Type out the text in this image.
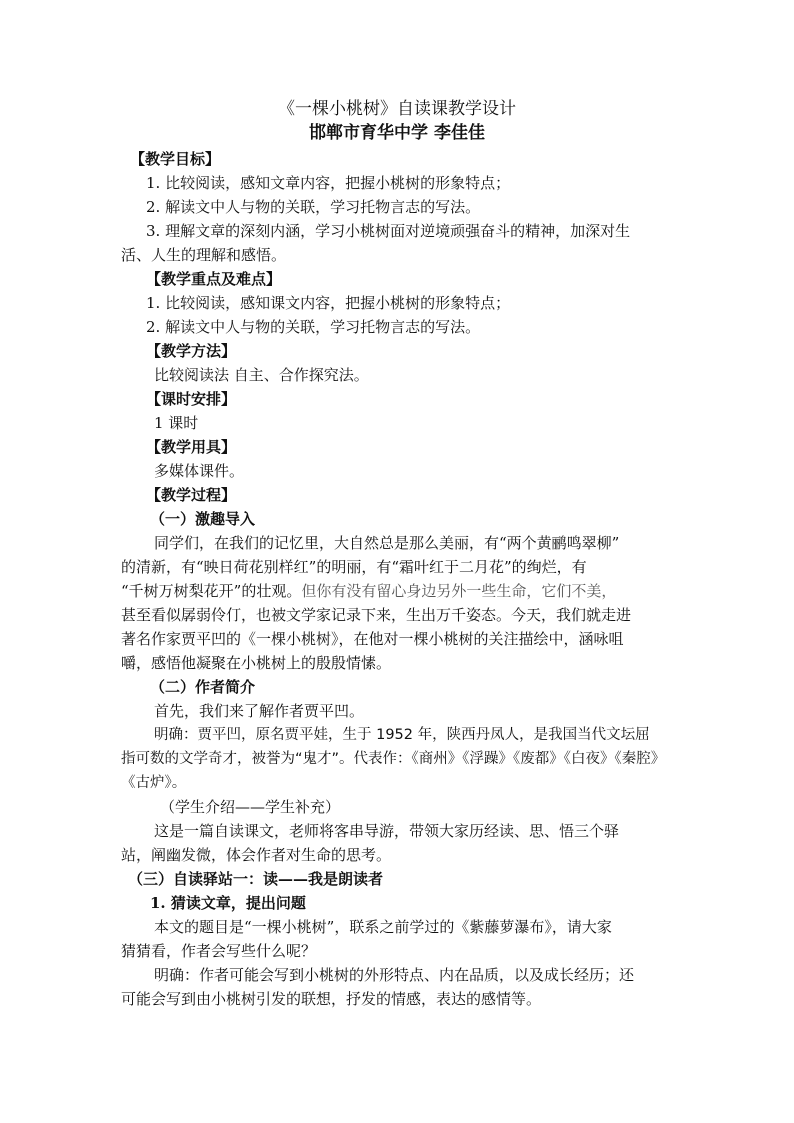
《一棵小桃树》自读课教学设计
邯郸市育华中学 李佳佳
【教学目标】
1. 比较阅读，感知文章内容，把握小桃树的形象特点；
2. 解读文中人与物的关联，学习托物言志的写法。
3. 理解文章的深刻内涵，学习小桃树面对逆境顽强奋斗的精神，加深对生
活、人生的理解和感悟。
【教学重点及难点】
1. 比较阅读，感知课文内容，把握小桃树的形象特点；
2. 解读文中人与物的关联，学习托物言志的写法。
【教学方法】
比较阅读法 自主、合作探究法。
【课时安排】
1 课时
【教学用具】
多媒体课件。
【教学过程】
（一）激趣导入
同学们，在我们的记忆里，大自然总是那么美丽，有“两个黄鹂鸣翠柳”
的清新，有“映日荷花别样红”的明丽，有“霜叶红于二月花”的绚烂，有
“千树万树梨花开”的壮观。但你有没有留心身边另外一些生命，它们不美，
甚至看似孱弱伶仃，也被文学家记录下来，生出万千姿态。今天，我们就走进
著名作家贾平凹的《一棵小桃树》，在他对一棵小桃树的关注描绘中，涵咏咀
嚼，感悟他凝聚在小桃树上的殷殷情愫。
（二）作者简介
首先，我们来了解作者贾平凹。
明确：贾平凹，原名贾平娃，生于 1952 年，陕西丹凤人，是我国当代文坛屈
指可数的文学奇才，被誉为“鬼才”。代表作：《商州》《浮躁》《废都》《白夜》《秦腔》
《古炉》。
（学生介绍——学生补充）
这是一篇自读课文，老师将客串导游，带领大家历经读、思、悟三个驿
站，阐幽发微，体会作者对生命的思考。
（三）自读驿站一：读——我是朗读者
1. 猜读文章，提出问题
本文的题目是“一棵小桃树”，联系之前学过的《紫藤萝瀑布》，请大家
猜猜看，作者会写些什么呢？
明确：作者可能会写到小桃树的外形特点、内在品质，以及成长经历；还
可能会写到由小桃树引发的联想，抒发的情感，表达的感情等。
